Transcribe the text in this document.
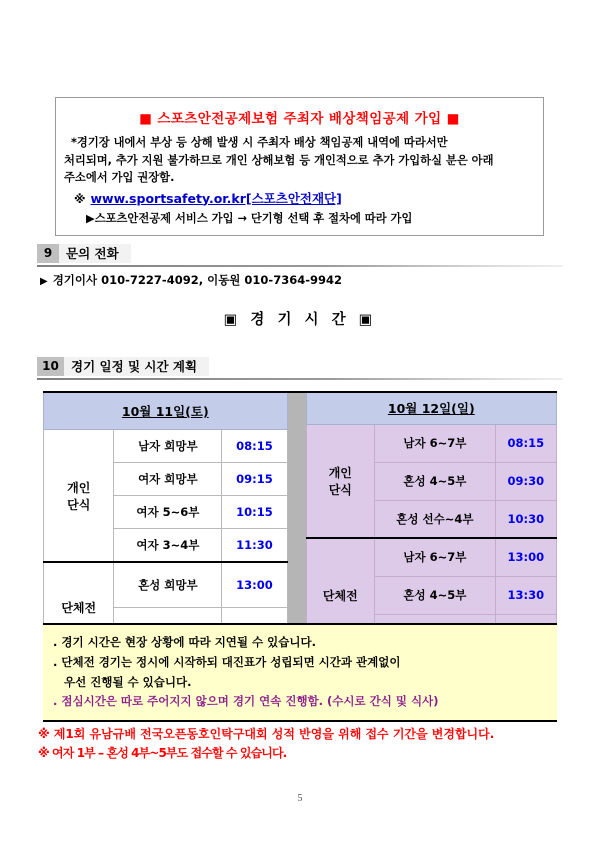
■ 스포츠안전공제보험 주최자 배상책임공제 가입 ■
*경기장 내에서 부상 등 상해 발생 시 주최자 배상 책임공제 내역에 따라서만
처리되며, 추가 지원 불가하므로 개인 상해보험 등 개인적으로 추가 가입하실 분은 아래
주소에서 가입 권장함.
※ www.sportsafety.or.kr[스포츠안전재단]
▶스포츠안전공제 서비스 가입 → 단기형 선택 후 절차에 따라 가입
9	문의 전화
▶ 경기이사 010-7227-4092, 이동원 010-7364-9942
▣ 경 기 시 간 ▣
10 경기 일정 및 시간 계획
10월 11일(토)		
개인
단식	남자 희망부	08:15
	여자 희망부	09:15
	여자 5~6부	10:15
	여자 3~4부	11:30
단체전	혼성 희망부	13:00

10월 12일(일)		
개인
단식	남자 6~7부	08:15
	혼성 4~5부	09:30
	혼성 선수~4부	10:30
단체전	남자 6~7부	13:00
	혼성 4~5부	13:30

. 경기 시간은 현장 상황에 따라 지연될 수 있습니다.
. 단체전 경기는 정시에 시작하되 대진표가 성립되면 시간과 관계없이
우선 진행될 수 있습니다.
. 점심시간은 따로 주어지지 않으며 경기 연속 진행함. (수시로 간식 및 식사)
※ 제1회 유남규배 전국오픈동호인탁구대회 성적 반영을 위해 접수 기간을 변경합니다.
※ 여자 1부 – 혼성 4부~5부도 접수할 수 있습니다.
5
